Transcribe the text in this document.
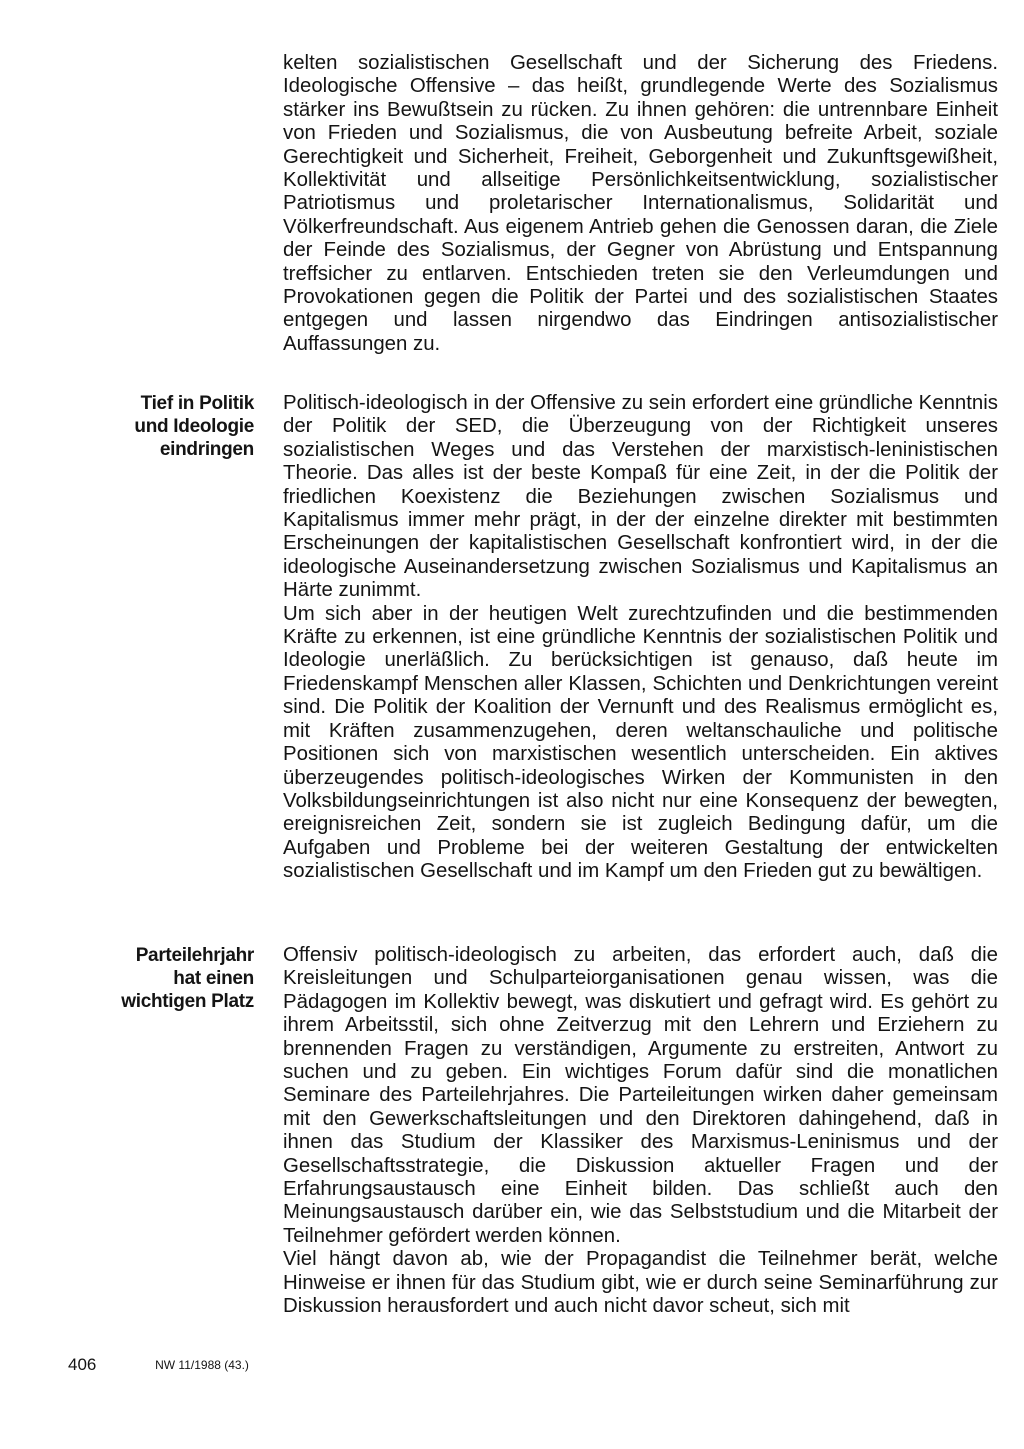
kelten sozialistischen Gesellschaft und der Sicherung des Friedens. Ideologische Offensive – das heißt, grundlegende Werte des Sozialismus stärker ins Bewußtsein zu rücken. Zu ihnen gehören: die untrennbare Einheit von Frieden und Sozialismus, die von Ausbeutung befreite Arbeit, soziale Gerechtigkeit und Sicherheit, Freiheit, Geborgenheit und Zukunftsgewißheit, Kollektivität und allseitige Persönlichkeitsentwicklung, sozialistischer Patriotismus und proletarischer Internationalismus, Solidarität und Völkerfreundschaft. Aus eigenem Antrieb gehen die Genossen daran, die Ziele der Feinde des Sozialismus, der Gegner von Abrüstung und Entspannung treffsicher zu entlarven. Entschieden treten sie den Verleumdungen und Provokationen gegen die Politik der Partei und des sozialistischen Staates entgegen und lassen nirgendwo das Eindringen antisozialistischer Auffassungen zu.

Tief in Politik
und Ideologie
eindringen

Politisch-ideologisch in der Offensive zu sein erfordert eine gründliche Kenntnis der Politik der SED, die Überzeugung von der Richtigkeit unseres sozialistischen Weges und das Verstehen der marxistisch-leninistischen Theorie. Das alles ist der beste Kompaß für eine Zeit, in der die Politik der friedlichen Koexistenz die Beziehungen zwischen Sozialismus und Kapitalismus immer mehr prägt, in der der einzelne direkter mit bestimmten Erscheinungen der kapitalistischen Gesellschaft konfrontiert wird, in der die ideologische Auseinandersetzung zwischen Sozialismus und Kapitalismus an Härte zunimmt.

Um sich aber in der heutigen Welt zurechtzufinden und die bestimmenden Kräfte zu erkennen, ist eine gründliche Kenntnis der sozialistischen Politik und Ideologie unerläßlich. Zu berücksichtigen ist genauso, daß heute im Friedenskampf Menschen aller Klassen, Schichten und Denkrichtungen vereint sind. Die Politik der Koalition der Vernunft und des Realismus ermöglicht es, mit Kräften zusammenzugehen, deren weltanschauliche und politische Positionen sich von marxistischen wesentlich unterscheiden. Ein aktives überzeugendes politisch-ideologisches Wirken der Kommunisten in den Volksbildungseinrichtungen ist also nicht nur eine Konsequenz der bewegten, ereignisreichen Zeit, sondern sie ist zugleich Bedingung dafür, um die Aufgaben und Probleme bei der weiteren Gestaltung der entwickelten sozialistischen Gesellschaft und im Kampf um den Frieden gut zu bewältigen.

Parteilehrjahr
hat einen
wichtigen Platz

Offensiv politisch-ideologisch zu arbeiten, das erfordert auch, daß die Kreisleitungen und Schulparteiorganisationen genau wissen, was die Pädagogen im Kollektiv bewegt, was diskutiert und gefragt wird. Es gehört zu ihrem Arbeitsstil, sich ohne Zeitverzug mit den Lehrern und Erziehern zu brennenden Fragen zu verständigen, Argumente zu erstreiten, Antwort zu suchen und zu geben. Ein wichtiges Forum dafür sind die monatlichen Seminare des Parteilehrjahres. Die Parteileitungen wirken daher gemeinsam mit den Gewerkschaftsleitungen und den Direktoren dahingehend, daß in ihnen das Studium der Klassiker des Marxismus-Leninismus und der Gesellschaftsstrategie, die Diskussion aktueller Fragen und der Erfahrungsaustausch eine Einheit bilden. Das schließt auch den Meinungsaustausch darüber ein, wie das Selbststudium und die Mitarbeit der Teilnehmer gefördert werden können.

Viel hängt davon ab, wie der Propagandist die Teilnehmer berät, welche Hinweise er ihnen für das Studium gibt, wie er durch seine Seminarführung zur Diskussion herausfordert und auch nicht davor scheut, sich mit

406	NW 11/1988 (43.)
